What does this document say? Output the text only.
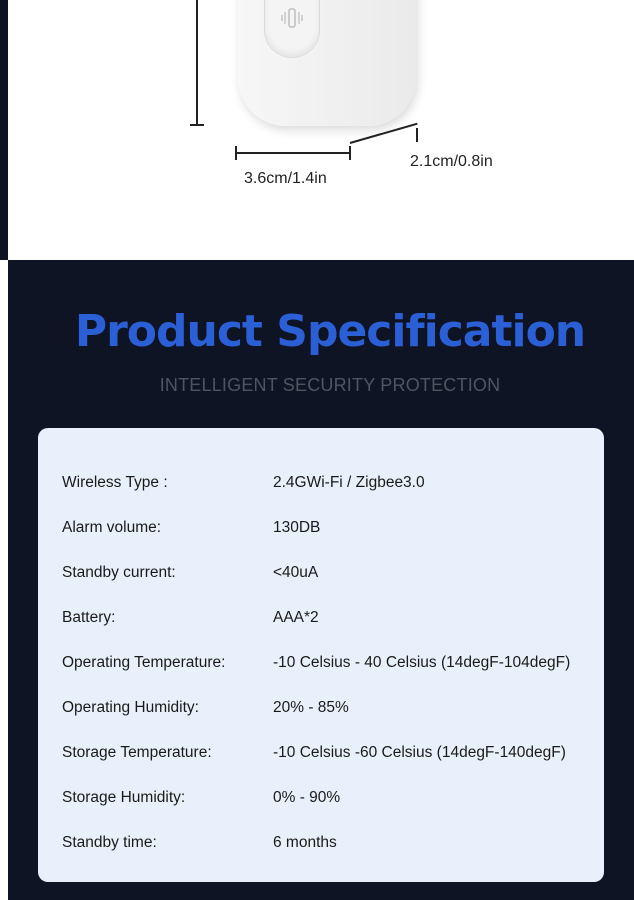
3.6cm/1.4in
2.1cm/0.8in
Product Specification
INTELLIGENT SECURITY PROTECTION
Wireless Type :	2.4GWi-Fi / Zigbee3.0
Alarm volume:	130DB
Standby current:	<40uA
Battery:	AAA*2
Operating Temperature:	-10 Celsius - 40 Celsius (14degF-104degF)
Operating Humidity:	20% - 85%
Storage Temperature:	-10 Celsius -60 Celsius (14degF-140degF)
Storage Humidity:	0% - 90%
Standby time:	6 months
